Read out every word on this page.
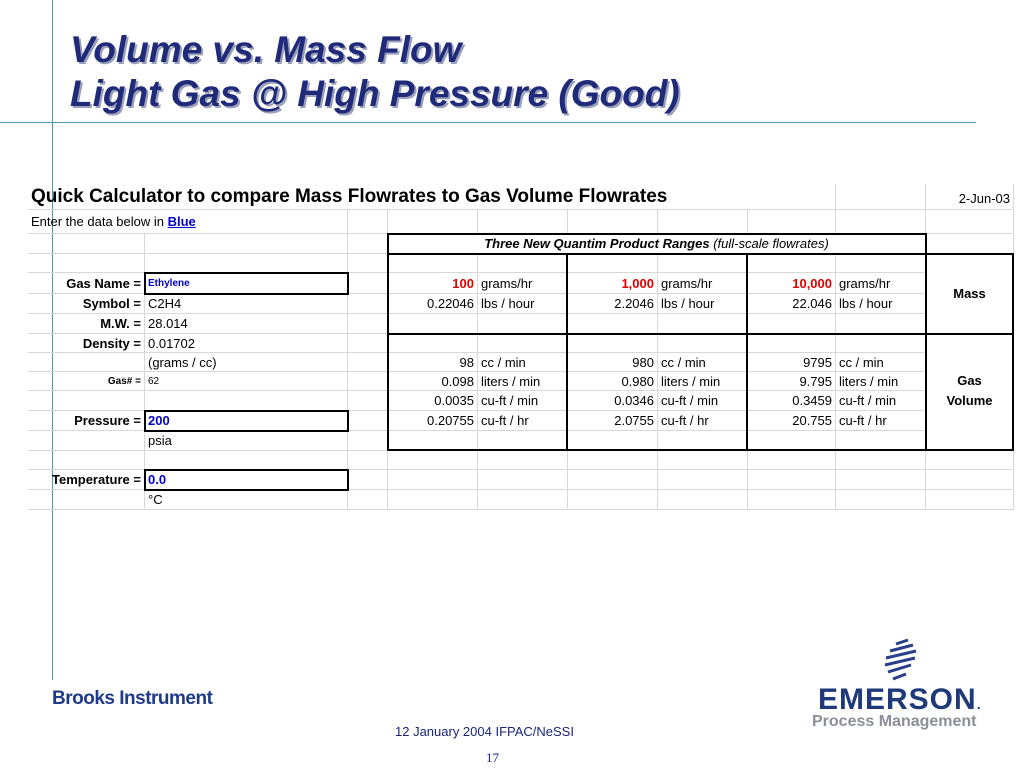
Volume vs. Mass Flow
Light Gas @ High Pressure (Good)
Quick Calculator to compare Mass Flowrates to Gas Volume Flowrates	2-Jun-03
Enter the data below in Blue
Three New Quantim Product Ranges (full-scale flowrates)
Gas Name = Ethylene	100 grams/hr	1,000 grams/hr	10,000 grams/hr
Mass
Symbol = C2H4	0.22046 lbs / hour	2.2046 lbs / hour	22.046 lbs / hour
M.W. = 28.014
Density = 0.01702
(grams / cc)	98 cc / min	980 cc / min	9795 cc / min
Gas
Volume
Gas# = 62	0.098 liters / min	0.980 liters / min	9.795 liters / min
0.0035 cu-ft / min	0.0346 cu-ft / min	0.3459 cu-ft / min
Pressure = 200	0.20755 cu-ft / hr	2.0755 cu-ft / hr	20.755 cu-ft / hr
psia
Temperature = 0.0
°C
Brooks Instrument
12 January 2004 IFPAC/NeSSI
17
EMERSON.
Process Management
